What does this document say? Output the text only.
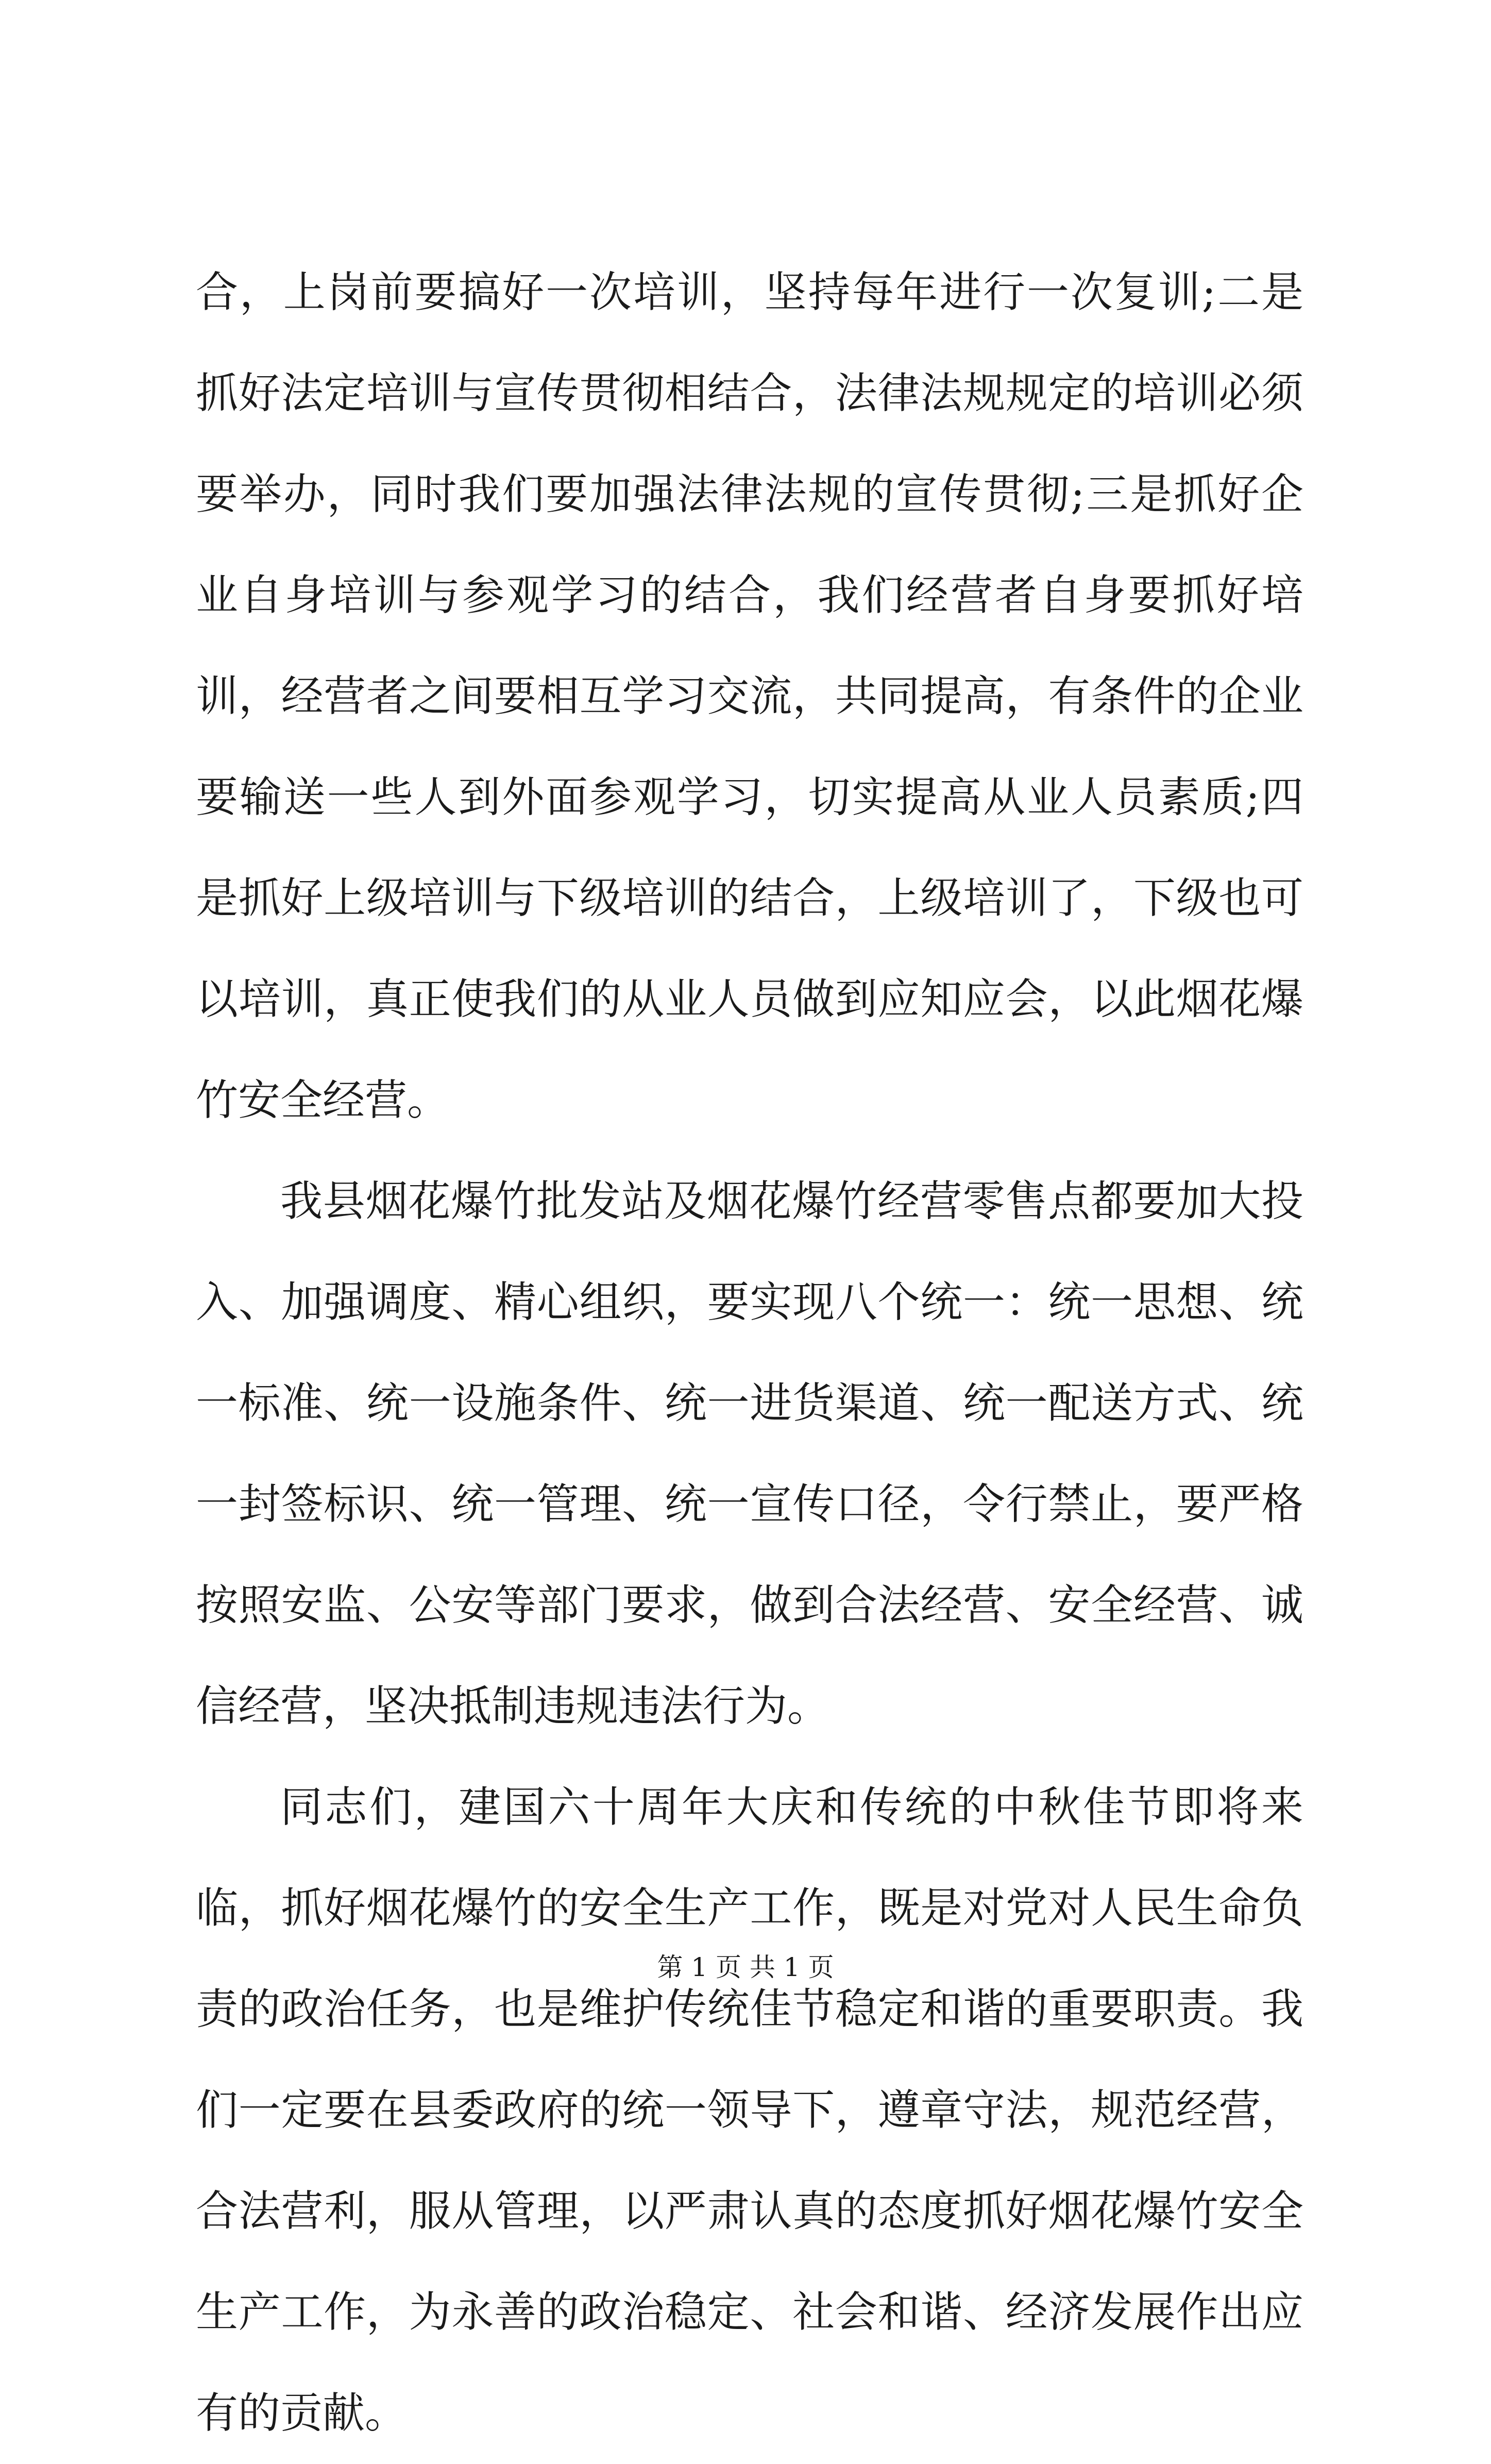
合，上岗前要搞好一次培训，坚持每年进行一次复训;二是抓好法定培训与宣传贯彻相结合，法律法规规定的培训必须要举办，同时我们要加强法律法规的宣传贯彻;三是抓好企业自身培训与参观学习的结合，我们经营者自身要抓好培训，经营者之间要相互学习交流，共同提高，有条件的企业要输送一些人到外面参观学习，切实提高从业人员素质;四是抓好上级培训与下级培训的结合，上级培训了，下级也可以培训，真正使我们的从业人员做到应知应会，以此烟花爆竹安全经营。

我县烟花爆竹批发站及烟花爆竹经营零售点都要加大投入、加强调度、精心组织，要实现八个统一：统一思想、统一标准、统一设施条件、统一进货渠道、统一配送方式、统一封签标识、统一管理、统一宣传口径，令行禁止，要严格按照安监、公安等部门要求，做到合法经营、安全经营、诚信经营，坚决抵制违规违法行为。

同志们，建国六十周年大庆和传统的中秋佳节即将来临，抓好烟花爆竹的安全生产工作，既是对党对人民生命负责的政治任务，也是维护传统佳节稳定和谐的重要职责。我们一定要在县委政府的统一领导下，遵章守法，规范经营，合法营利，服从管理，以严肃认真的态度抓好烟花爆竹安全生产工作，为永善的政治稳定、社会和谐、经济发展作出应有的贡献。

第 1 页 共 1 页
